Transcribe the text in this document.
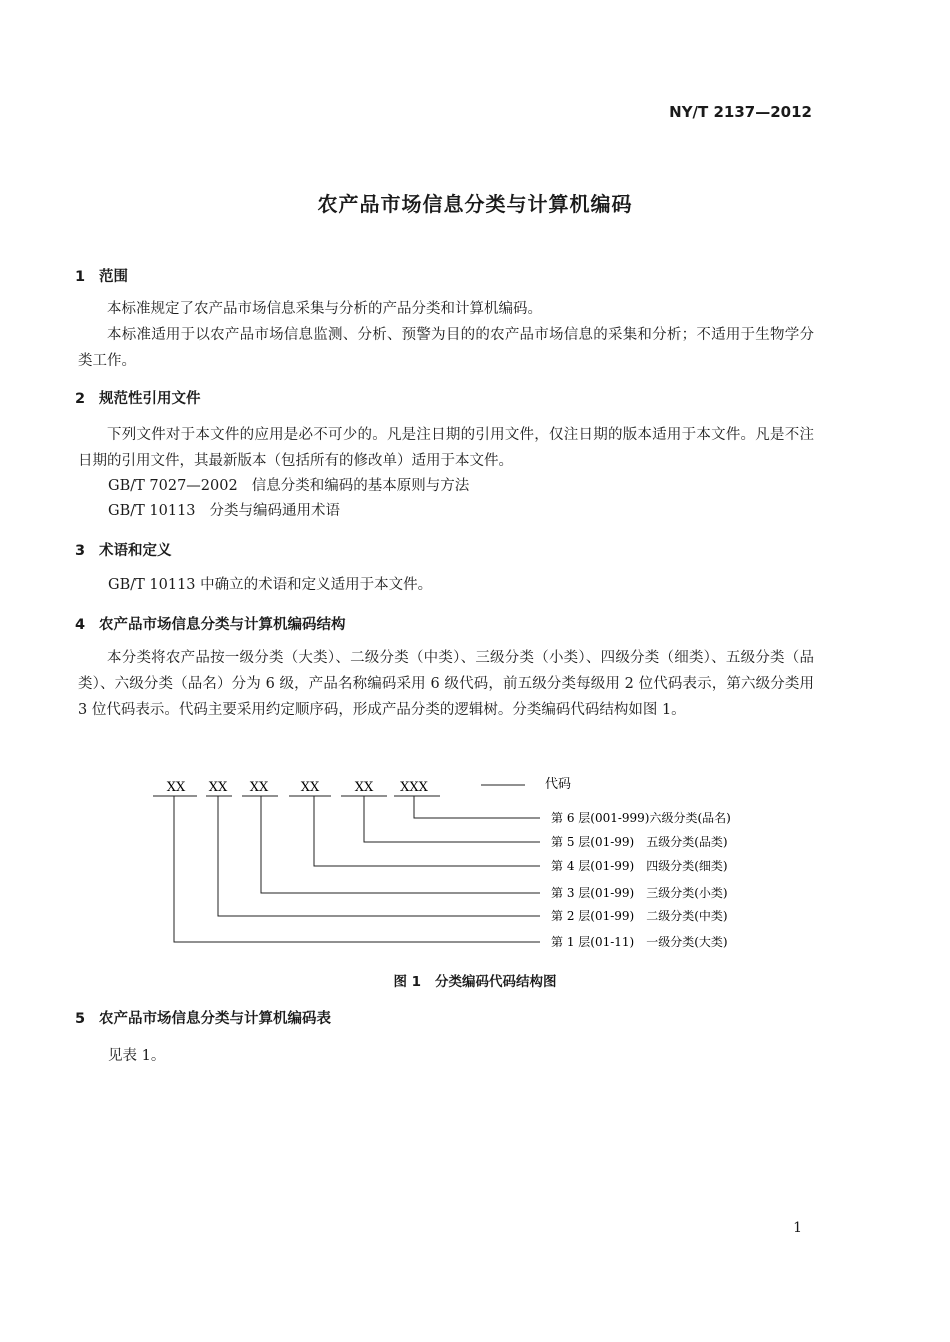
NY/T 2137—2012
农产品市场信息分类与计算机编码
1 范围
本标准规定了农产品市场信息采集与分析的产品分类和计算机编码。
本标准适用于以农产品市场信息监测、分析、预警为目的的农产品市场信息的采集和分析；不适用于生物学分类工作。
2 规范性引用文件
下列文件对于本文件的应用是必不可少的。凡是注日期的引用文件，仅注日期的版本适用于本文件。凡是不注日期的引用文件，其最新版本（包括所有的修改单）适用于本文件。
GB/T 7027—2002 信息分类和编码的基本原则与方法
GB/T 10113 分类与编码通用术语
3 术语和定义
GB/T 10113 中确立的术语和定义适用于本文件。
4 农产品市场信息分类与计算机编码结构
本分类将农产品按一级分类（大类）、二级分类（中类）、三级分类（小类）、四级分类（细类）、五级分类（品类）、六级分类（品名）分为 6 级，产品名称编码采用 6 级代码，前五级分类每级用 2 位代码表示，第六级分类用 3 位代码表示。代码主要采用约定顺序码，形成产品分类的逻辑树。分类编码代码结构如图 1。
XX XX XX XX	XX XXX	代码
第 6 层(001-999)六级分类(品名)
第 5 层(01-99)　五级分类(品类)
第 4 层(01-99)　四级分类(细类)
第 3 层(01-99)　三级分类(小类)
第 2 层(01-99)　二级分类(中类)
第 1 层(01-11)　一级分类(大类)
图 1 分类编码代码结构图
5 农产品市场信息分类与计算机编码表
见表 1。
1
